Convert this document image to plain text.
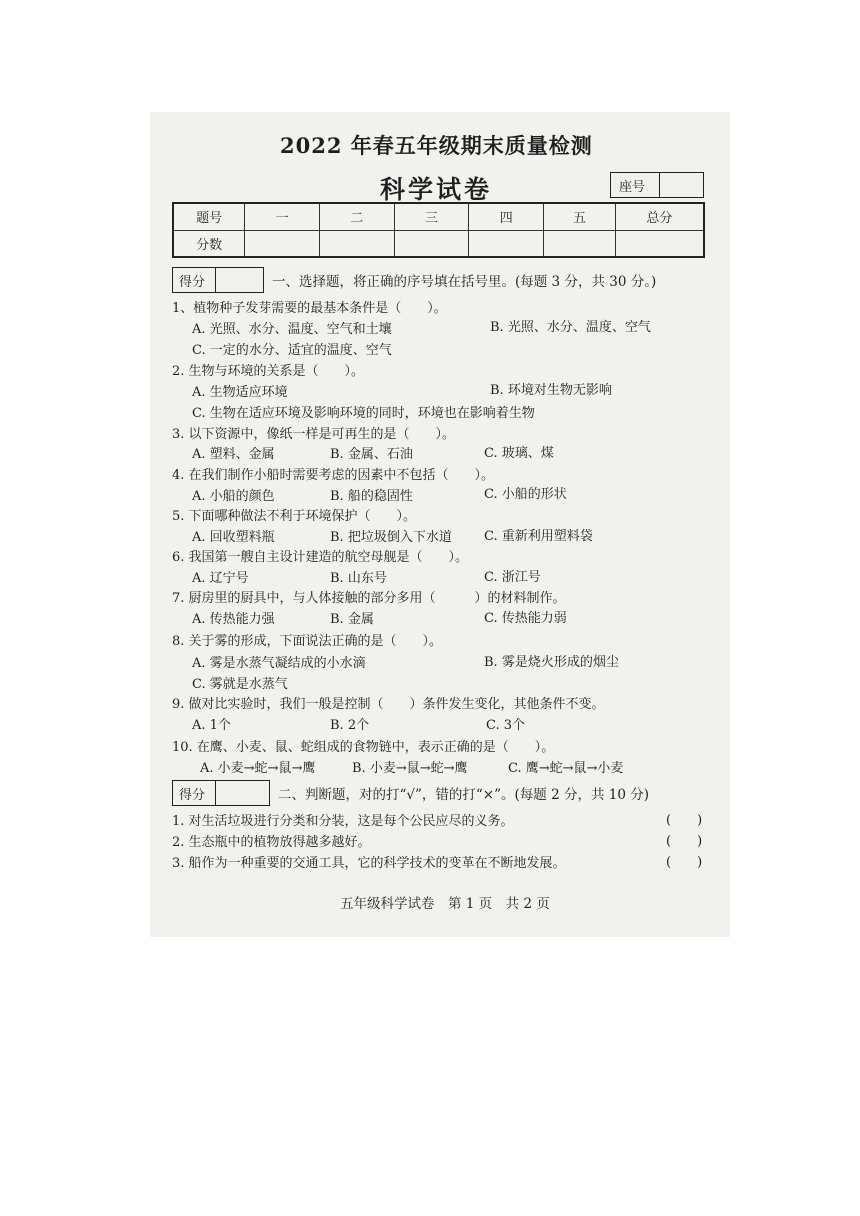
2022 年春五年级期末质量检测
科学试卷	座号
题号	一	二	三	四	五	总分
分数						
得分	一、选择题，将正确的序号填在括号里。(每题 3 分，共 30 分。)
1、植物种子发芽需要的最基本条件是（　　）。
A. 光照、水分、温度、空气和土壤	B. 光照、水分、温度、空气
C. 一定的水分、适宜的温度、空气
2. 生物与环境的关系是（　　）。
A. 生物适应环境	B. 环境对生物无影响
C. 生物在适应环境及影响环境的同时，环境也在影响着生物
3. 以下资源中，像纸一样是可再生的是（　　）。
A. 塑料、金属	B. 金属、石油	C. 玻璃、煤
4. 在我们制作小船时需要考虑的因素中不包括（　　）。
A. 小船的颜色	B. 船的稳固性	C. 小船的形状
5. 下面哪种做法不利于环境保护（　　）。
A. 回收塑料瓶	B. 把垃圾倒入下水道 C. 重新利用塑料袋
6. 我国第一艘自主设计建造的航空母舰是（　　）。
A. 辽宁号	B. 山东号	C. 浙江号
7. 厨房里的厨具中，与人体接触的部分多用（　　　）的材料制作。
A. 传热能力强	B. 金属	C. 传热能力弱
8. 关于雾的形成，下面说法正确的是（　　）。
A. 雾是水蒸气凝结成的小水滴	B. 雾是烧火形成的烟尘
C. 雾就是水蒸气
9. 做对比实验时，我们一般是控制（　　）条件发生变化，其他条件不变。
A. 1个	B. 2个	C. 3个
10. 在鹰、小麦、鼠、蛇组成的食物链中，表示正确的是（　　）。
A. 小麦→蛇→鼠→鹰	B. 小麦→鼠→蛇→鹰	C. 鹰→蛇→鼠→小麦
得分	二、判断题，对的打“√”，错的打“×”。(每题 2 分，共 10 分)
1. 对生活垃圾进行分类和分装，这是每个公民应尽的义务。	(　　)
2. 生态瓶中的植物放得越多越好。	(　　)
3. 船作为一种重要的交通工具，它的科学技术的变革在不断地发展。	(　　)
五年级科学试卷　第 1 页　共 2 页
